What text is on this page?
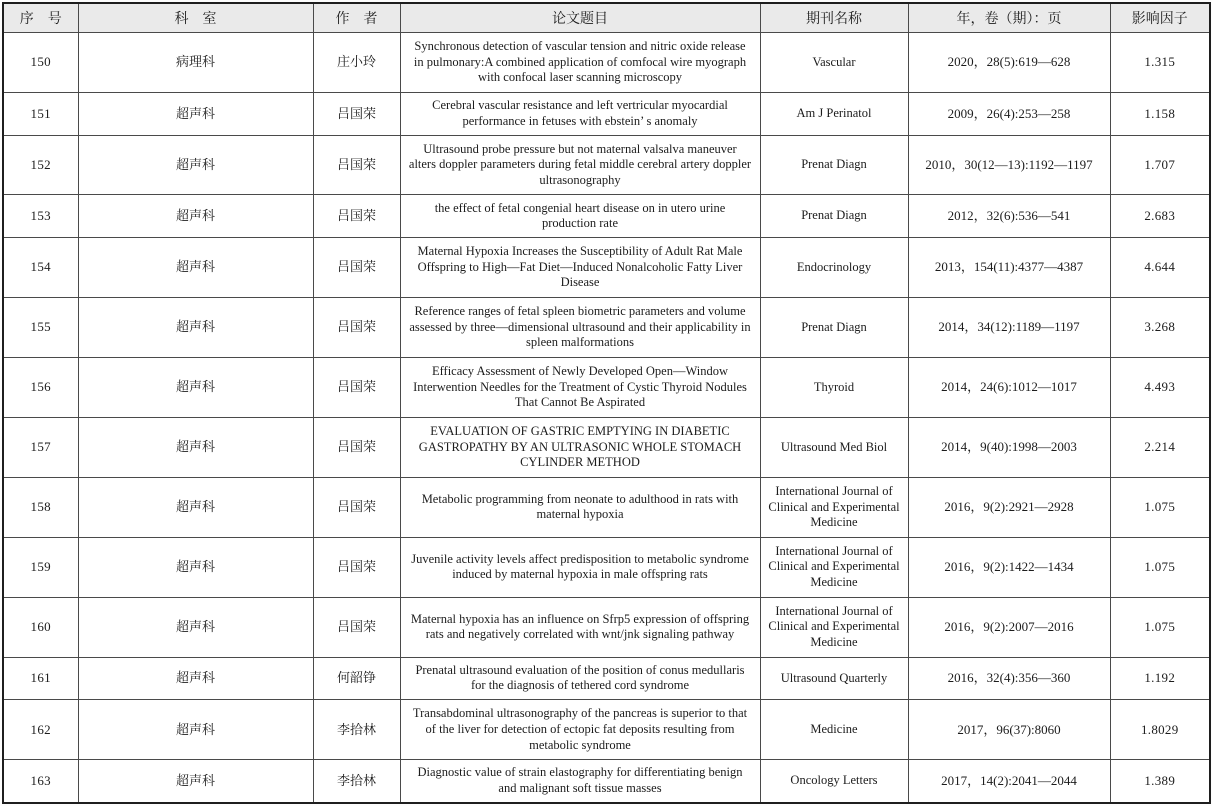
序　号	科　室	作　者	论文题目	期刊名称	年，卷（期）：页	影响因子
150	病理科	庄小玲	Synchronous detection of vascular tension and nitric oxide release in pulmonary:A combined application of comfocal wire myograph with confocal laser scanning microscopy	Vascular	2020，28(5):619—628	1.315
151	超声科	吕国荣	Cerebral vascular resistance and left vertricular myocardial performance in fetuses with ebstein’ s anomaly	Am J Perinatol	2009，26(4):253—258	1.158
152	超声科	吕国荣	Ultrasound probe pressure but not maternal valsalva maneuver alters doppler parameters during fetal middle cerebral artery doppler ultrasonography	Prenat Diagn	2010，30(12—13):1192—1197	1.707
153	超声科	吕国荣	the effect of fetal congenial heart disease on in utero urine production rate	Prenat Diagn	2012，32(6):536—541	2.683
154	超声科	吕国荣	Maternal Hypoxia Increases the Susceptibility of Adult Rat Male Offspring to High—Fat Diet—Induced Nonalcoholic Fatty Liver Disease	Endocrinology	2013，154(11):4377—4387	4.644
155	超声科	吕国荣	Reference ranges of fetal spleen biometric parameters and volume assessed by three—dimensional ultrasound and their applicability in spleen malformations	Prenat Diagn	2014，34(12):1189—1197	3.268
156	超声科	吕国荣	Efficacy Assessment of Newly Developed Open—Window Interwention Needles for the Treatment of Cystic Thyroid Nodules That Cannot Be Aspirated	Thyroid	2014，24(6):1012—1017	4.493
157	超声科	吕国荣	EVALUATION OF GASTRIC EMPTYING IN DIABETIC GASTROPATHY BY AN ULTRASONIC WHOLE STOMACH CYLINDER METHOD	Ultrasound Med Biol	2014，9(40):1998—2003	2.214
158	超声科	吕国荣	Metabolic programming from neonate to adulthood in rats with maternal hypoxia	International Journal of Clinical and Experimental Medicine	2016，9(2):2921—2928	1.075
159	超声科	吕国荣	Juvenile activity levels affect predisposition to metabolic syndrome induced by maternal hypoxia in male offspring rats	International Journal of Clinical and Experimental Medicine	2016，9(2):1422—1434	1.075
160	超声科	吕国荣	Maternal hypoxia has an influence on Sfrp5 expression of offspring rats and negatively correlated with wnt/jnk signaling pathway	International Journal of Clinical and Experimental Medicine	2016，9(2):2007—2016	1.075
161	超声科	何韶铮	Prenatal ultrasound evaluation of the position of conus medullaris for the diagnosis of tethered cord syndrome	Ultrasound Quarterly	2016，32(4):356—360	1.192
162	超声科	李拾林	Transabdominal ultrasonography of the pancreas is superior to that of the liver for detection of ectopic fat deposits resulting from metabolic syndrome	Medicine	2017，96(37):8060	1.8029
163	超声科	李拾林	Diagnostic value of strain elastography for differentiating benign and malignant soft tissue masses	Oncology Letters	2017，14(2):2041—2044	1.389
